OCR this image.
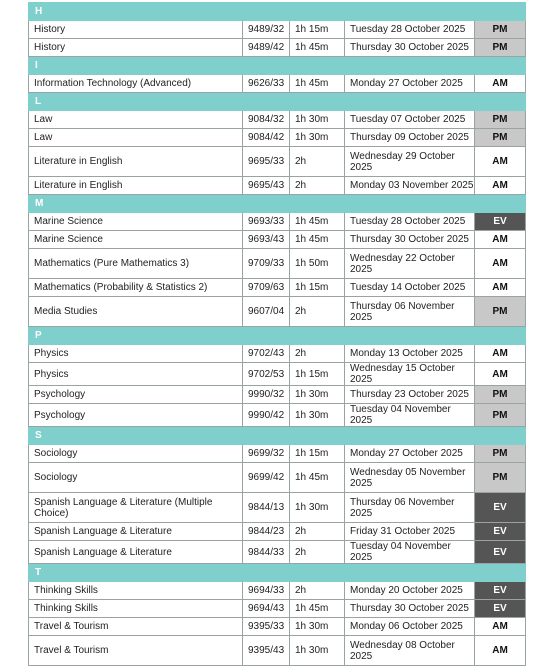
H				
History	9489/32	1h 15m	Tuesday 28 October 2025	PM
History	9489/42	1h 45m	Thursday 30 October 2025	PM
I				
Information Technology (Advanced)	9626/33	1h 45m	Monday 27 October 2025	AM
L				
Law	9084/32	1h 30m	Tuesday 07 October 2025	PM
Law	9084/42	1h 30m	Thursday 09 October 2025	PM
Literature in English	9695/33	2h	Wednesday 29 October 2025	AM
Literature in English	9695/43	2h	Monday 03 November 2025	AM
M				
Marine Science	9693/33	1h 45m	Tuesday 28 October 2025	EV
Marine Science	9693/43	1h 45m	Thursday 30 October 2025	AM
Mathematics (Pure Mathematics 3)	9709/33	1h 50m	Wednesday 22 October 2025	AM
Mathematics (Probability & Statistics 2)	9709/63	1h 15m	Tuesday 14 October 2025	AM
Media Studies	9607/04	2h	Thursday 06 November 2025	PM
P				
Physics	9702/43	2h	Monday 13 October 2025	AM
Physics	9702/53	1h 15m	Wednesday 15 October 2025	AM
Psychology	9990/32	1h 30m	Thursday 23 October 2025	PM
Psychology	9990/42	1h 30m	Tuesday 04 November 2025	PM
S				
Sociology	9699/32	1h 15m	Monday 27 October 2025	PM
Sociology	9699/42	1h 45m	Wednesday 05 November 2025	PM
Spanish Language & Literature (Multiple Choice)	9844/13	1h 30m	Thursday 06 November 2025	EV
Spanish Language & Literature	9844/23	2h	Friday 31 October 2025	EV
Spanish Language & Literature	9844/33	2h	Tuesday 04 November 2025	EV
T				
Thinking Skills	9694/33	2h	Monday 20 October 2025	EV
Thinking Skills	9694/43	1h 45m	Thursday 30 October 2025	EV
Travel & Tourism	9395/33	1h 30m	Monday 06 October 2025	AM
Travel & Tourism	9395/43	1h 30m	Wednesday 08 October 2025	AM
